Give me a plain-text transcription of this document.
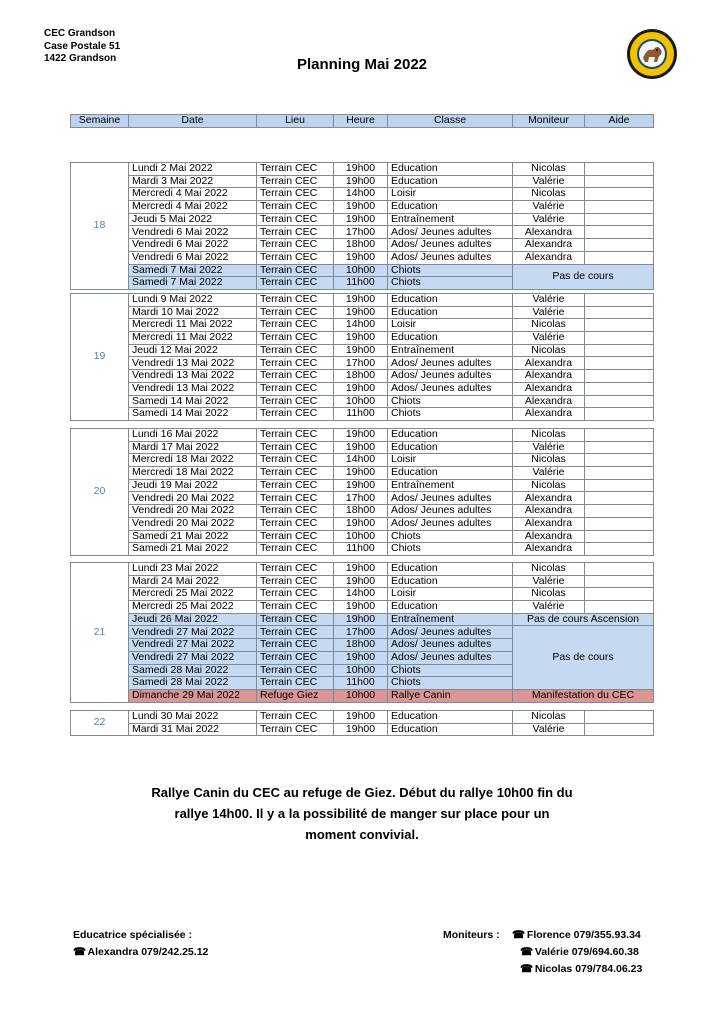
CEC Grandson
Case Postale 51
1422 Grandson	Planning Mai 2022
Semaine	Date	Lieu	Heure	Classe	Moniteur	Aide
18	Lundi 2 Mai 2022	Terrain CEC	19h00	Education	Nicolas	
	Mardi 3 Mai 2022	Terrain CEC	19h00	Education	Valérie	
	Mercredi 4 Mai 2022	Terrain CEC	14h00	Loisir	Nicolas	
	Mercredi 4 Mai 2022	Terrain CEC	19h00	Education	Valérie	
	Jeudi 5 Mai 2022	Terrain CEC	19h00	Entraînement	Valérie	
	Vendredi 6 Mai 2022	Terrain CEC	17h00	Ados/ Jeunes adultes	Alexandra	
	Vendredi 6 Mai 2022	Terrain CEC	18h00	Ados/ Jeunes adultes	Alexandra	
	Vendredi 6 Mai 2022	Terrain CEC	19h00	Ados/ Jeunes adultes	Alexandra	
	Samedi 7 Mai 2022	Terrain CEC	10h00	Chiots	Pas de cours	
	Samedi 7 Mai 2022	Terrain CEC	11h00	Chiots		
19	Lundi 9 Mai 2022	Terrain CEC	19h00	Education	Valérie	
	Mardi 10 Mai 2022	Terrain CEC	19h00	Education	Valérie	
	Mercredi 11 Mai 2022	Terrain CEC	14h00	Loisir	Nicolas	
	Mercredi 11 Mai 2022	Terrain CEC	19h00	Education	Valérie	
	Jeudi 12 Mai 2022	Terrain CEC	19h00	Entraînement	Nicolas	
	Vendredi 13 Mai 2022	Terrain CEC	17h00	Ados/ Jeunes adultes	Alexandra	
	Vendredi 13 Mai 2022	Terrain CEC	18h00	Ados/ Jeunes adultes	Alexandra	
	Vendredi 13 Mai 2022	Terrain CEC	19h00	Ados/ Jeunes adultes	Alexandra	
	Samedi 14 Mai 2022	Terrain CEC	10h00	Chiots	Alexandra	
	Samedi 14 Mai 2022	Terrain CEC	11h00	Chiots	Alexandra	
20	Lundi 16 Mai 2022	Terrain CEC	19h00	Education	Nicolas	
	Mardi 17 Mai 2022	Terrain CEC	19h00	Education	Valérie	
	Mercredi 18 Mai 2022	Terrain CEC	14h00	Loisir	Nicolas	
	Mercredi 18 Mai 2022	Terrain CEC	19h00	Education	Valérie	
	Jeudi 19 Mai 2022	Terrain CEC	19h00	Entraînement	Nicolas	
	Vendredi 20 Mai 2022	Terrain CEC	17h00	Ados/ Jeunes adultes	Alexandra	
	Vendredi 20 Mai 2022	Terrain CEC	18h00	Ados/ Jeunes adultes	Alexandra	
	Vendredi 20 Mai 2022	Terrain CEC	19h00	Ados/ Jeunes adultes	Alexandra	
	Samedi 21 Mai 2022	Terrain CEC	10h00	Chiots	Alexandra	
	Samedi 21 Mai 2022	Terrain CEC	11h00	Chiots	Alexandra	
21	Lundi 23 Mai 2022	Terrain CEC	19h00	Education	Nicolas	
	Mardi 24 Mai 2022	Terrain CEC	19h00	Education	Valérie	
	Mercredi 25 Mai 2022	Terrain CEC	14h00	Loisir	Nicolas	
	Mercredi 25 Mai 2022	Terrain CEC	19h00	Education	Valérie	
	Jeudi 26 Mai 2022	Terrain CEC	19h00	Entraînement	Pas de cours Ascension	
	Vendredi 27 Mai 2022	Terrain CEC	17h00	Ados/ Jeunes adultes	Pas de cours	
	Vendredi 27 Mai 2022	Terrain CEC	18h00	Ados/ Jeunes adultes		
	Vendredi 27 Mai 2022	Terrain CEC	19h00	Ados/ Jeunes adultes		
	Samedi 28 Mai 2022	Terrain CEC	10h00	Chiots		
	Samedi 28 Mai 2022	Terrain CEC	11h00	Chiots		
	Dimanche 29 Mai 2022	Refuge Giez	10h00	Rallye Canin	Manifestation du CEC	
22	Lundi 30 Mai 2022	Terrain CEC	19h00	Education	Nicolas	
	Mardi 31 Mai 2022	Terrain CEC	19h00	Education	Valérie	
Rallye Canin du CEC au refuge de Giez. Début du rallye 10h00 fin du
rallye 14h00. Il y a la possibilité de manger sur place pour un
moment convivial.
Educatrice spécialisée :
☎ Alexandra 079/242.25.12
Moniteurs : ☎ Florence 079/355.93.34
☎ Valérie 079/694.60.38
☎ Nicolas 079/784.06.23
